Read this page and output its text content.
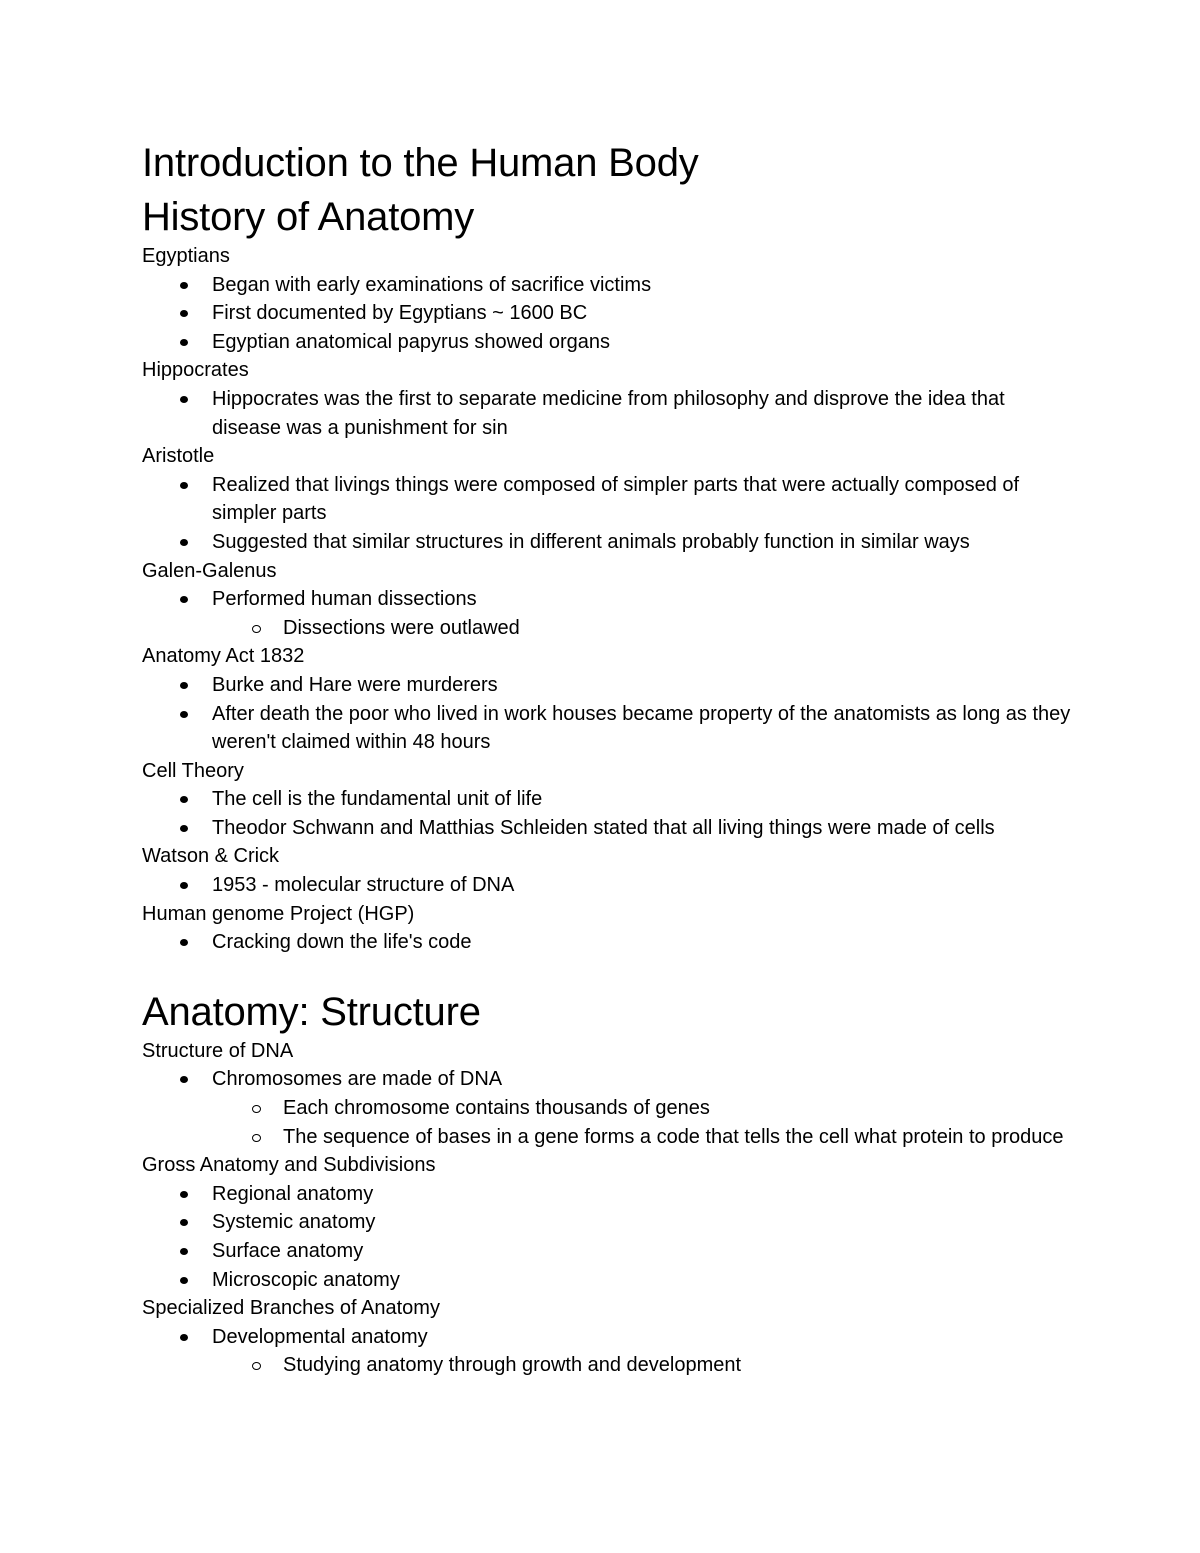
Introduction to the Human Body
History of Anatomy
Egyptians
Began with early examinations of sacrifice victims
First documented by Egyptians ~ 1600 BC
Egyptian anatomical papyrus showed organs
Hippocrates
Hippocrates was the first to separate medicine from philosophy and disprove the idea that disease was a punishment for sin
Aristotle
Realized that livings things were composed of simpler parts that were actually composed of simpler parts
Suggested that similar structures in different animals probably function in similar ways
Galen-Galenus
Performed human dissections
Dissections were outlawed
Anatomy Act 1832
Burke and Hare were murderers
After death the poor who lived in work houses became property of the anatomists as long as they weren't claimed within 48 hours
Cell Theory
The cell is the fundamental unit of life
Theodor Schwann and Matthias Schleiden stated that all living things were made of cells
Watson & Crick
1953 - molecular structure of DNA
Human genome Project (HGP)
Cracking down the life's code
Anatomy: Structure
Structure of DNA
Chromosomes are made of DNA
Each chromosome contains thousands of genes
The sequence of bases in a gene forms a code that tells the cell what protein to produce
Gross Anatomy and Subdivisions
Regional anatomy
Systemic anatomy
Surface anatomy
Microscopic anatomy
Specialized Branches of Anatomy
Developmental anatomy
Studying anatomy through growth and development
